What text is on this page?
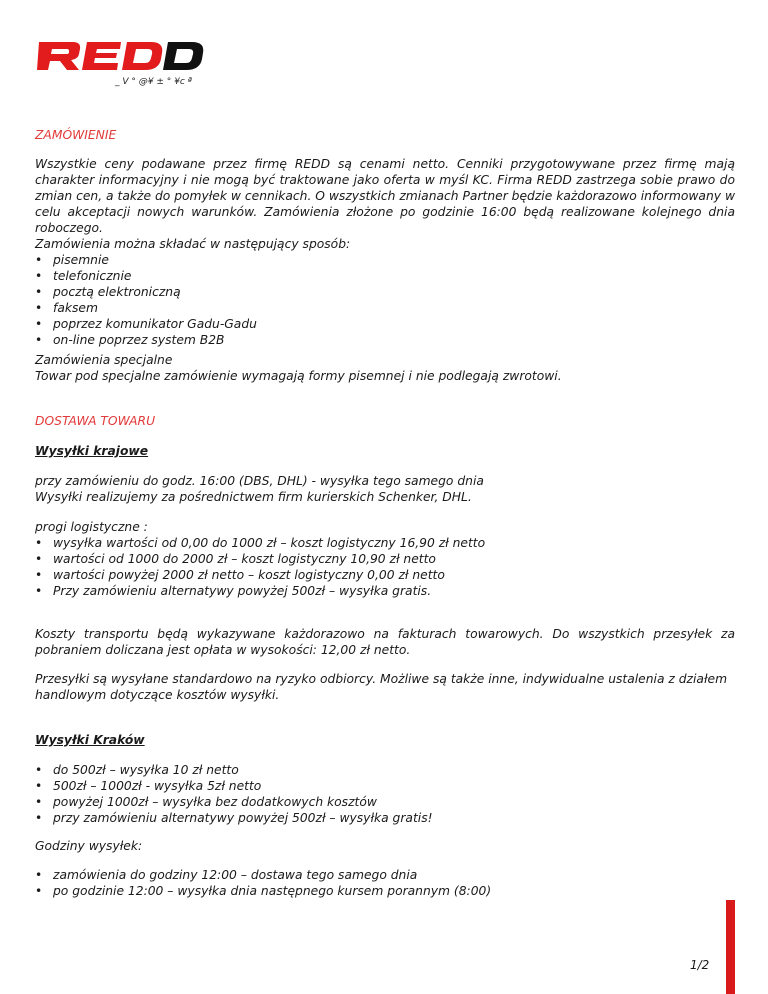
_ V ° @¥ ± ° ¥c ª
ZAMÓWIENIE

Wszystkie ceny podawane przez firmę REDD są cenami netto. Cenniki przygotowywane przez firmę mają charakter informacyjny i nie mogą być traktowane jako oferta w myśl KC. Firma REDD zastrzega sobie prawo do zmian cen, a także do pomyłek w cennikach. O wszystkich zmianach Partner będzie każdorazowo informowany w celu akceptacji nowych warunków. Zamówienia złożone po godzinie 16:00 będą realizowane kolejnego dnia roboczego.

Zamówienia można składać w następujący sposób:
• pisemnie
• telefonicznie
• pocztą elektroniczną
• faksem
• poprzez komunikator Gadu-Gadu
• on-line poprzez system B2B
Zamówienia specjalne
Towar pod specjalne zamówienie wymagają formy pisemnej i nie podlegają zwrotowi.
DOSTAWA TOWARU
Wysyłki krajowe
przy zamówieniu do godz. 16:00 (DBS, DHL) - wysyłka tego samego dnia
Wysyłki realizujemy za pośrednictwem firm kurierskich Schenker, DHL.
progi logistyczne :
• wysyłka wartości od 0,00 do 1000 zł – koszt logistyczny 16,90 zł netto
• wartości od 1000 do 2000 zł – koszt logistyczny 10,90 zł netto
• wartości powyżej 2000 zł netto – koszt logistyczny 0,00 zł netto
• Przy zamówieniu alternatywy powyżej 500zł – wysyłka gratis.

Koszty transportu będą wykazywane każdorazowo na fakturach towarowych. Do wszystkich przesyłek za pobraniem doliczana jest opłata w wysokości: 12,00 zł netto.

Przesyłki są wysyłane standardowo na ryzyko odbiorcy. Możliwe są także inne, indywidualne ustalenia z działem handlowym dotyczące kosztów wysyłki.

Wysyłki Kraków
• do 500zł – wysyłka 10 zł netto
• 500zł – 1000zł - wysyłka 5zł netto
• powyżej 1000zł – wysyłka bez dodatkowych kosztów
• przy zamówieniu alternatywy powyżej 500zł – wysyłka gratis!
Godziny wysyłek:
• zamówienia do godziny 12:00 – dostawa tego samego dnia
• po godzinie 12:00 – wysyłka dnia następnego kursem porannym (8:00)
1/2
